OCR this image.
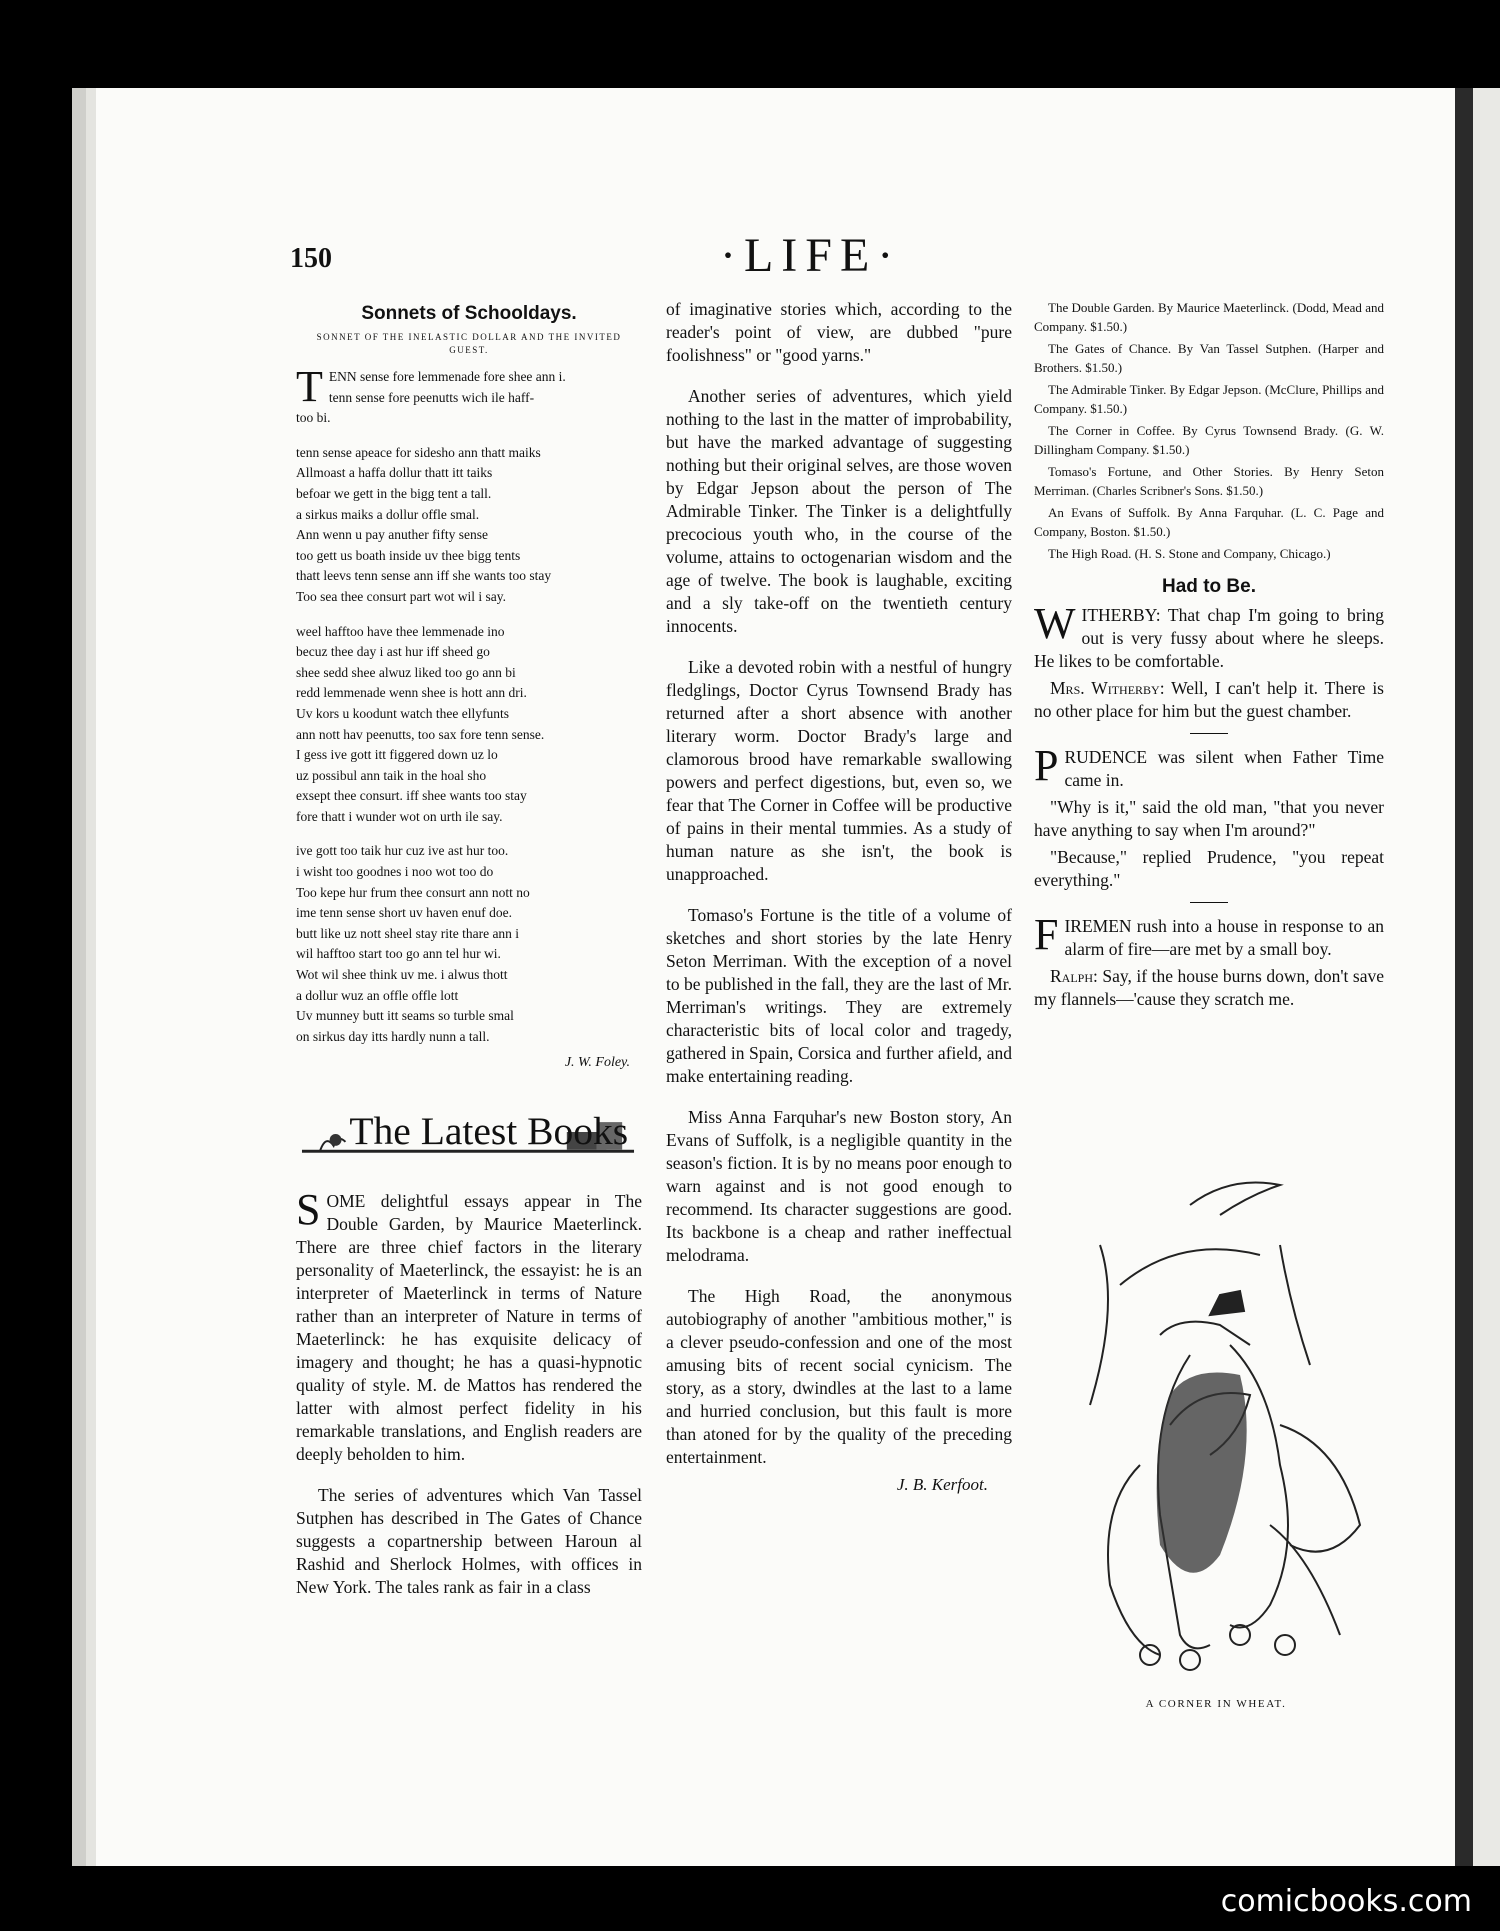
150	·LIFE·
Sonnets of Schooldays.
SONNET OF THE INELASTIC DOLLAR AND THE INVITED GUEST.

TENN sense fore lemmenade fore shee ann i.
tenn sense fore peenutts wich ile haff-
too bi.

tenn sense apeace for sidesho ann thatt maiks
Allmoast a haffa dollur thatt itt taiks
befoar we gett in the bigg tent a tall.
a sirkus maiks a dollur offle smal.
Ann wenn u pay anuther fifty sense
too gett us boath inside uv thee bigg tents
thatt leevs tenn sense ann iff she wants too stay
Too sea thee consurt part wot wil i say.

weel hafftoo have thee lemmenade ino
becuz thee day i ast hur iff sheed go
shee sedd shee alwuz liked too go ann bi
redd lemmenade wenn shee is hott ann dri.
Uv kors u koodunt watch thee ellyfunts
ann nott hav peenutts, too sax fore tenn sense.
I gess ive gott itt figgered down uz lo
uz possibul ann taik in the hoal sho
exsept thee consurt. iff shee wants too stay
fore thatt i wunder wot on urth ile say.

ive gott too taik hur cuz ive ast hur too.
i wisht too goodnes i noo wot too do
Too kepe hur frum thee consurt ann nott no
ime tenn sense short uv haven enuf doe.
butt like uz nott sheel stay rite thare ann i
wil hafftoo start too go ann tel hur wi.
Wot wil shee think uv me. i alwus thott
a dollur wuz an offle offle lott
Uv munney butt itt seams so turble smal
on sirkus day itts hardly nunn a tall.

J. W. Foley.
The Latest Books
SOME delightful essays appear in The Double Garden, by Maurice Maeterlinck. There are three chief factors in the literary personality of Maeterlinck, the essayist: he is an interpreter of Maeterlinck in terms of Nature rather than an interpreter of Nature in terms of Maeterlinck: he has exquisite delicacy of imagery and thought; he has a quasi-hypnotic quality of style. M. de Mattos has rendered the latter with almost perfect fidelity in his remarkable translations, and English readers are deeply beholden to him.
The series of adventures which Van Tassel Sutphen has described in The Gates of Chance suggests a copartnership between Haroun al Rashid and Sherlock Holmes, with offices in New York. The tales rank as fair in a class
of imaginative stories which, according to the reader's point of view, are dubbed "pure foolishness" or "good yarns."
Another series of adventures, which yield nothing to the last in the matter of improbability, but have the marked advantage of suggesting nothing but their original selves, are those woven by Edgar Jepson about the person of The Admirable Tinker. The Tinker is a delightfully precocious youth who, in the course of the volume, attains to octogenarian wisdom and the age of twelve. The book is laughable, exciting and a sly take-off on the twentieth century innocents.
Like a devoted robin with a nestful of hungry fledglings, Doctor Cyrus Townsend Brady has returned after a short absence with another literary worm. Doctor Brady's large and clamorous brood have remarkable swallowing powers and perfect digestions, but, even so, we fear that The Corner in Coffee will be productive of pains in their mental tummies. As a study of human nature as she isn't, the book is unapproached.
Tomaso's Fortune is the title of a volume of sketches and short stories by the late Henry Seton Merriman. With the exception of a novel to be published in the fall, they are the last of Mr. Merriman's writings. They are extremely characteristic bits of local color and tragedy, gathered in Spain, Corsica and further afield, and make entertaining reading.
Miss Anna Farquhar's new Boston story, An Evans of Suffolk, is a negligible quantity in the season's fiction. It is by no means poor enough to warn against and is not good enough to recommend. Its character suggestions are good. Its backbone is a cheap and rather ineffectual melodrama.
The High Road, the anonymous autobiography of another "ambitious mother," is a clever pseudo-confession and one of the most amusing bits of recent social cynicism. The story, as a story, dwindles at the last to a lame and hurried conclusion, but this fault is more than atoned for by the quality of the preceding entertainment.
J. B. Kerfoot.
The Double Garden. By Maurice Maeterlinck. (Dodd, Mead and Company. $1.50.)
The Gates of Chance. By Van Tassel Sutphen. (Harper and Brothers. $1.50.)
The Admirable Tinker. By Edgar Jepson. (McClure, Phillips and Company. $1.50.)
The Corner in Coffee. By Cyrus Townsend Brady. (G. W. Dillingham Company. $1.50.)
Tomaso's Fortune, and Other Stories. By Henry Seton Merriman. (Charles Scribner's Sons. $1.50.)
An Evans of Suffolk. By Anna Farquhar. (L. C. Page and Company, Boston. $1.50.)
The High Road. (H. S. Stone and Company, Chicago.)
Had to Be.
WITHERBY: That chap I'm going to bring out is very fussy about where he sleeps. He likes to be comfortable.
Mrs. Witherby: Well, I can't help it. There is no other place for him but the guest chamber.
PRUDENCE was silent when Father Time came in.
"Why is it," said the old man, "that you never have anything to say when I'm around?"
"Because," replied Prudence, "you repeat everything."
FIREMEN rush into a house in response to an alarm of fire—are met by a small boy.
Ralph: Say, if the house burns down, don't save my flannels—'cause they scratch me.
A CORNER IN WHEAT.
comicbooks.com
